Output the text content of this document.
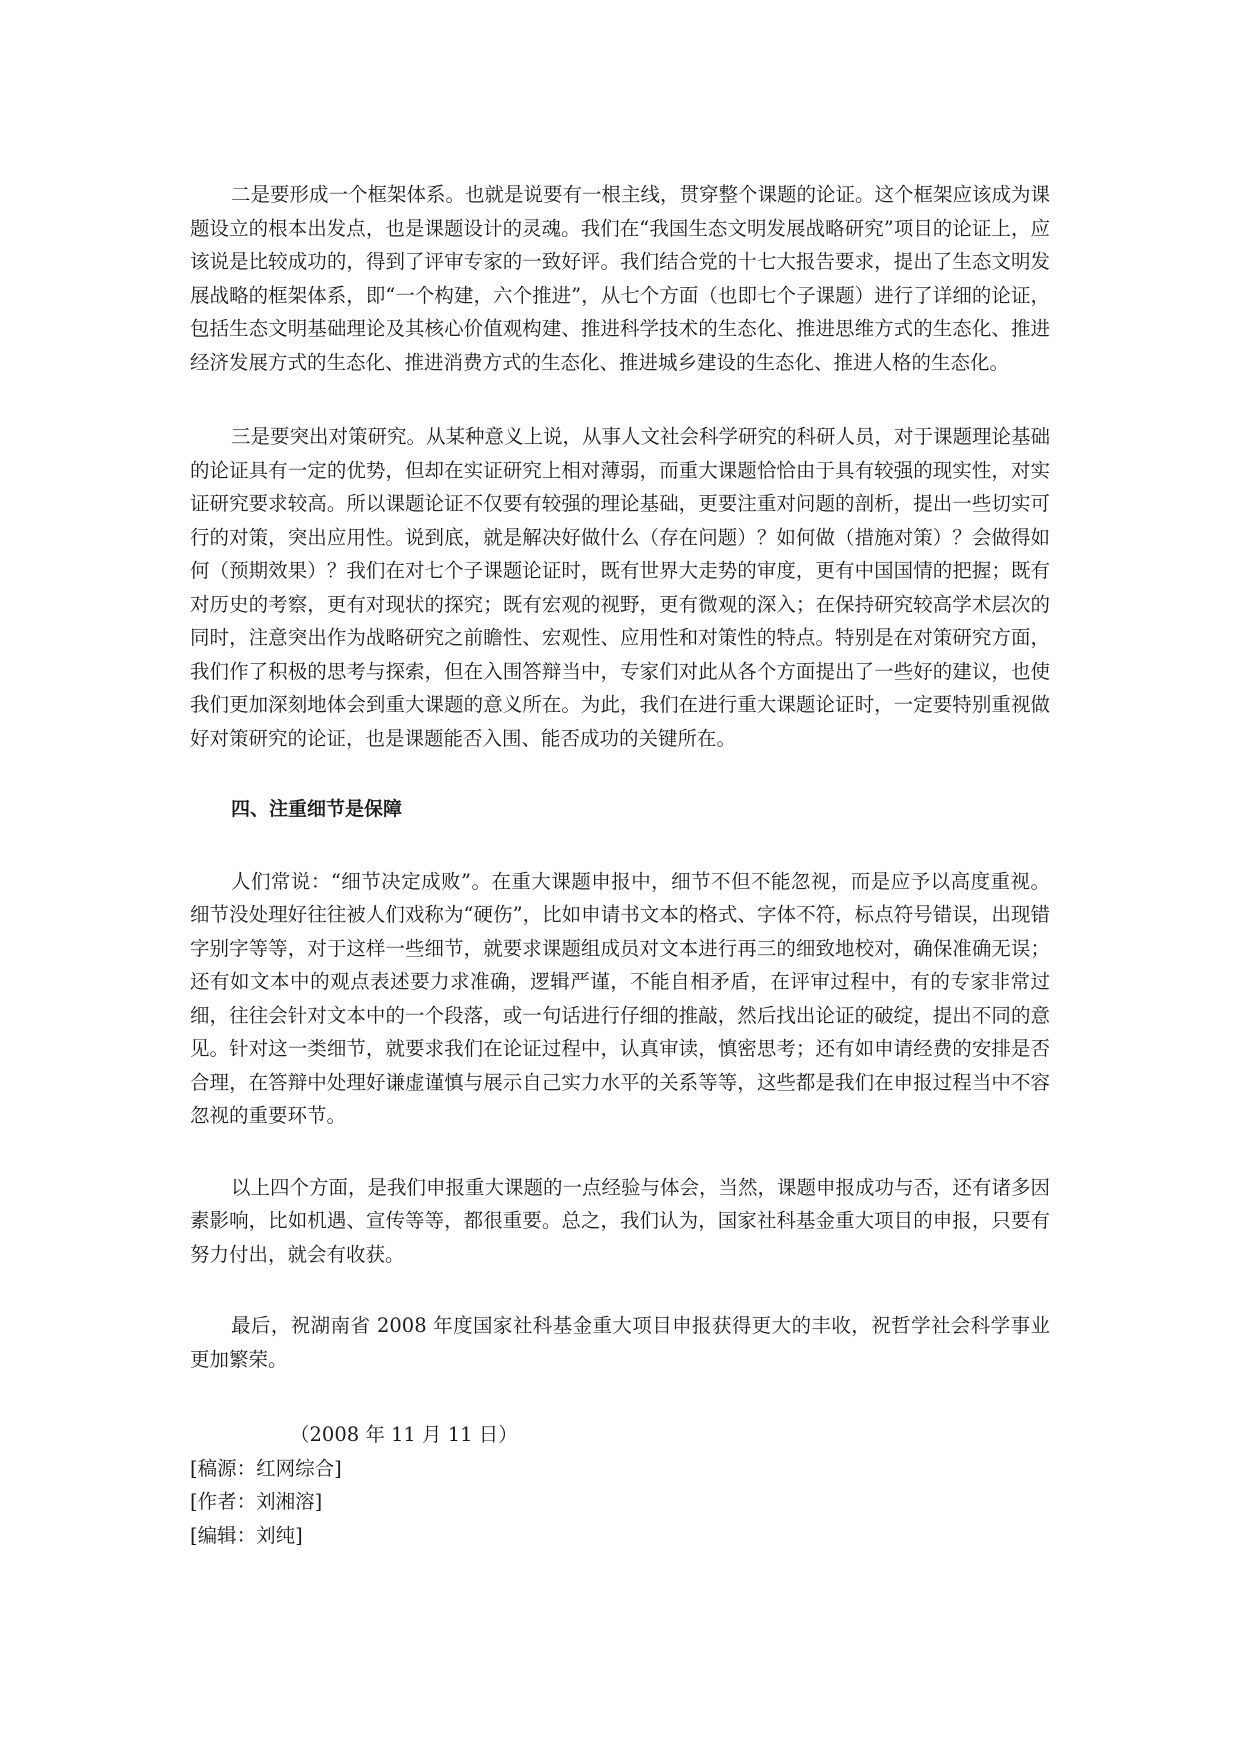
二是要形成一个框架体系。也就是说要有一根主线，贯穿整个课题的论证。这个框架应该成为课题设立的根本出发点，也是课题设计的灵魂。我们在“我国生态文明发展战略研究”项目的论证上，应该说是比较成功的，得到了评审专家的一致好评。我们结合党的十七大报告要求，提出了生态文明发展战略的框架体系，即“一个构建，六个推进”，从七个方面（也即七个子课题）进行了详细的论证，包括生态文明基础理论及其核心价值观构建、推进科学技术的生态化、推进思维方式的生态化、推进经济发展方式的生态化、推进消费方式的生态化、推进城乡建设的生态化、推进人格的生态化。

三是要突出对策研究。从某种意义上说，从事人文社会科学研究的科研人员，对于课题理论基础的论证具有一定的优势，但却在实证研究上相对薄弱，而重大课题恰恰由于具有较强的现实性，对实证研究要求较高。所以课题论证不仅要有较强的理论基础，更要注重对问题的剖析，提出一些切实可行的对策，突出应用性。说到底，就是解决好做什么（存在问题）？如何做（措施对策）？会做得如何（预期效果）？我们在对七个子课题论证时，既有世界大走势的审度，更有中国国情的把握；既有对历史的考察，更有对现状的探究；既有宏观的视野，更有微观的深入；在保持研究较高学术层次的同时，注意突出作为战略研究之前瞻性、宏观性、应用性和对策性的特点。特别是在对策研究方面，我们作了积极的思考与探索，但在入围答辩当中，专家们对此从各个方面提出了一些好的建议，也使我们更加深刻地体会到重大课题的意义所在。为此，我们在进行重大课题论证时，一定要特别重视做好对策研究的论证，也是课题能否入围、能否成功的关键所在。

四、注重细节是保障

人们常说：“细节决定成败”。在重大课题申报中，细节不但不能忽视，而是应予以高度重视。细节没处理好往往被人们戏称为“硬伤”，比如申请书文本的格式、字体不符，标点符号错误，出现错字别字等等，对于这样一些细节，就要求课题组成员对文本进行再三的细致地校对，确保准确无误；还有如文本中的观点表述要力求准确，逻辑严谨，不能自相矛盾，在评审过程中，有的专家非常过细，往往会针对文本中的一个段落，或一句话进行仔细的推敲，然后找出论证的破绽，提出不同的意见。针对这一类细节，就要求我们在论证过程中，认真审读，慎密思考；还有如申请经费的安排是否合理，在答辩中处理好谦虚谨慎与展示自己实力水平的关系等等，这些都是我们在申报过程当中不容忽视的重要环节。

以上四个方面，是我们申报重大课题的一点经验与体会，当然，课题申报成功与否，还有诸多因素影响，比如机遇、宣传等等，都很重要。总之，我们认为，国家社科基金重大项目的申报，只要有努力付出，就会有收获。

最后，祝湖南省 2008 年度国家社科基金重大项目申报获得更大的丰收，祝哲学社会科学事业更加繁荣。

（2008 年 11 月 11 日）

[稿源：红网综合]

[作者：刘湘溶]

[编辑：刘纯]
